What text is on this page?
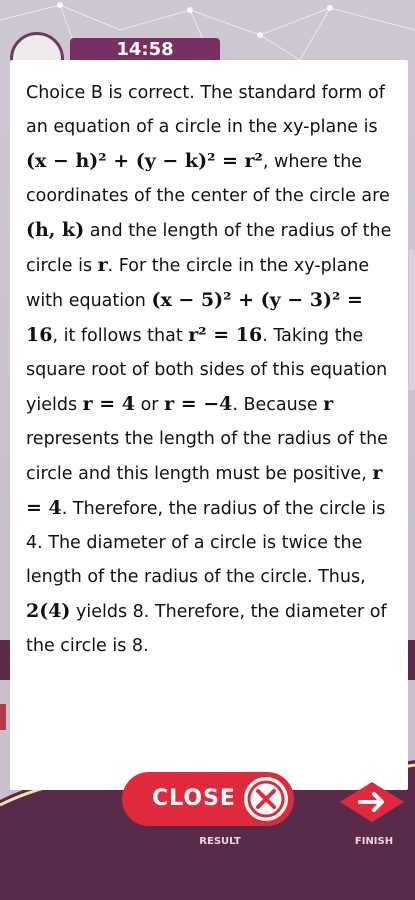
14:58

Choice B is correct. The standard form of an equation of a circle in the xy-plane is (x − h)² + (y − k)² = r², where the coordinates of the center of the circle are (h, k) and the length of the radius of the circle is r. For the circle in the xy-plane with equation (x − 5)² + (y − 3)² = 16, it follows that r² = 16. Taking the square root of both sides of this equation yields r = 4 or r = −4. Because r represents the length of the radius of the circle and this length must be positive, r = 4. Therefore, the radius of the circle is 4. The diameter of a circle is twice the length of the radius of the circle. Thus, 2(4) yields 8. Therefore, the diameter of the circle is 8.

CLOSE
RESULT	FINISH
